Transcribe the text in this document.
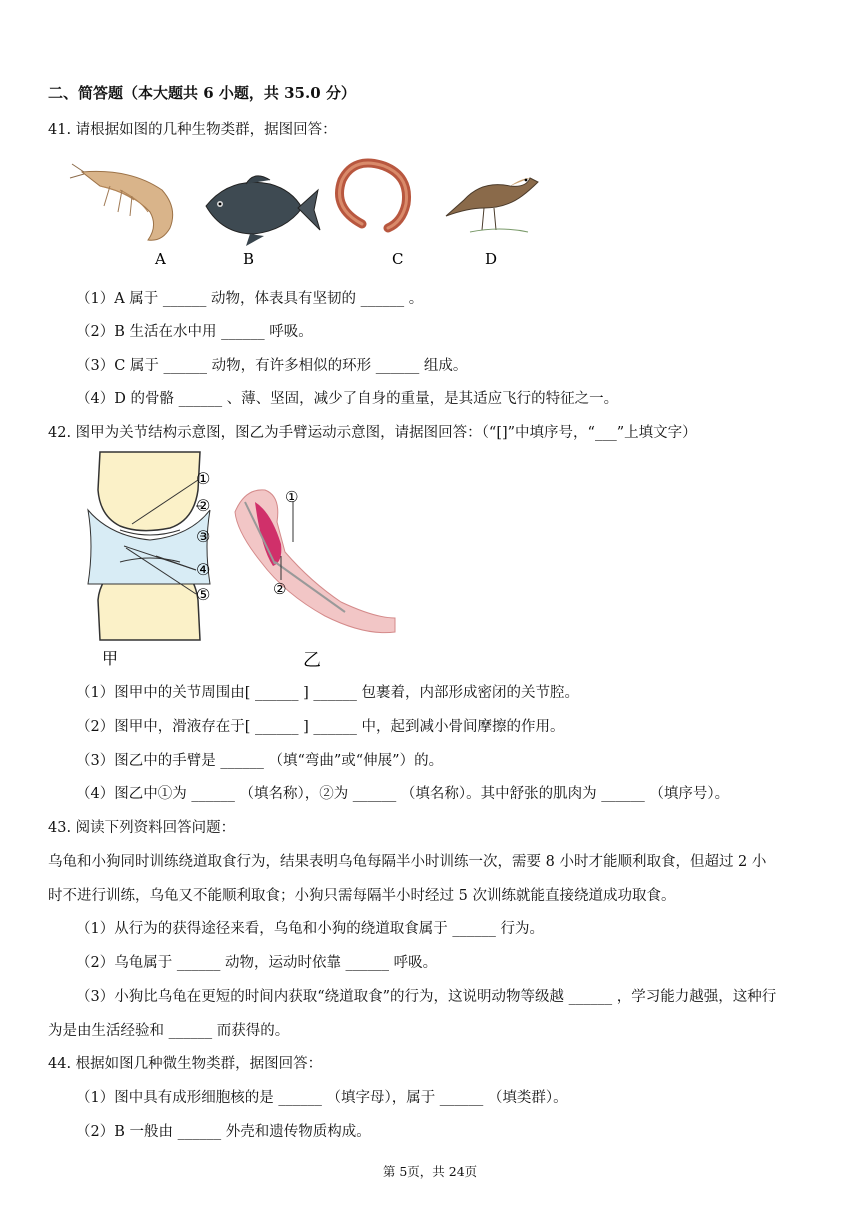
二、简答题（本大题共 6 小题，共 35.0 分）
41. 请根据如图的几种生物类群，据图回答：
A	B	C	D
（1）A 属于 ______ 动物，体表具有坚韧的 ______ 。
（2）B 生活在水中用 ______ 呼吸。
（3）C 属于 ______ 动物，有许多相似的环形 ______ 组成。
（4）D 的骨骼 ______ 、薄、坚固，减少了自身的重量，是其适应飞行的特征之一。
42. 图甲为关节结构示意图，图乙为手臂运动示意图，请据图回答：（“[]”中填序号，“___”上填文字）
①
②
③
④
⑤
甲
①
②
乙
（1）图甲中的关节周围由[ ______ ] ______ 包裹着，内部形成密闭的关节腔。
（2）图甲中，滑液存在于[ ______ ] ______ 中，起到减小骨间摩擦的作用。
（3）图乙中的手臂是 ______ （填“弯曲”或“伸展”）的。
（4）图乙中①为 ______ （填名称），②为 ______ （填名称）。其中舒张的肌肉为 ______ （填序号）。
43. 阅读下列资料回答问题：
乌龟和小狗同时训练绕道取食行为，结果表明乌龟每隔半小时训练一次，需要 8 小时才能顺利取食，但超过 2 小
时不进行训练，乌龟又不能顺利取食；小狗只需每隔半小时经过 5 次训练就能直接绕道成功取食。
（1）从行为的获得途径来看，乌龟和小狗的绕道取食属于 ______ 行为。
（2）乌龟属于 ______ 动物，运动时依靠 ______ 呼吸。
（3）小狗比乌龟在更短的时间内获取“绕道取食”的行为，这说明动物等级越 ______ ，学习能力越强，这种行
为是由生活经验和 ______ 而获得的。
44. 根据如图几种微生物类群，据图回答：
（1）图中具有成形细胞核的是 ______ （填字母），属于 ______ （填类群）。
（2）B 一般由 ______ 外壳和遗传物质构成。
第 5页，共 24页
